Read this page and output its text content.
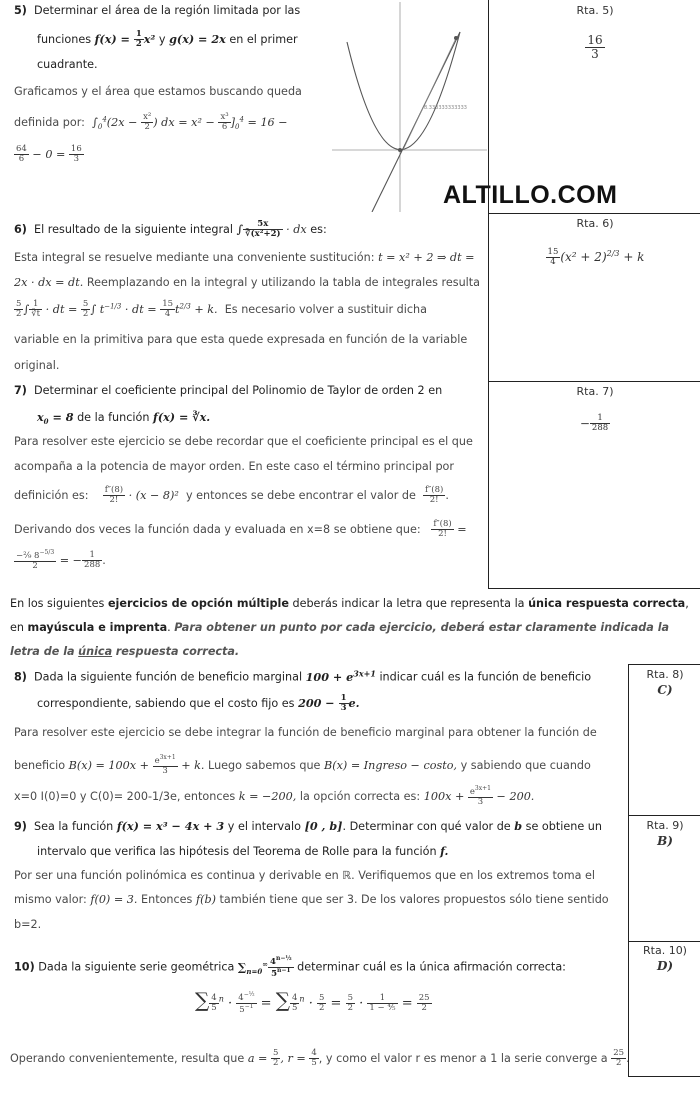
ALTILLO.COM
5) Determinar el área de la región limitada por las
funciones $f(x) = \frac{1}{2} x^2$ y g(x) = 2x en el primer
cuadrante.
Graficamos y el área que estamos buscando queda
definida por: $\int_0^4(2x - \frac{\text{x²}}{2}$ ) dx = $x^2 - \frac{\text{x³}}{6} ]_0^4 = 16$ −
$\frac{64}{6} - 0 = \frac{16}{3}$
8.333333333333
Rta. 5)
$\frac{16}{3}$
6) El resultado de la siguiente integral ∫ $\frac{5x}{\text{∛(x²+2)}}$ · dx es:
Esta integral se resuelve mediante una conveniente sustitución: t = x² + 2 ⇒ dt =
2x · dx = dt. Reemplazando en la integral y utilizando la tabla de integrales resulta
$\frac{5}{2}$ ∫ $\frac{1}{∛t}$ · dt = $\frac{5}{2}$ ∫ $t^{-1/3}$ · dt = $\frac{15}{4} t^{2/3} + k$. Es necesario volver a sustituir dicha
variable en la primitiva para que esta quede expresada en función de la variable
original.
Rta. 6)
$\frac{15}{4} (x^2 + 2)^{2/3} + k$
7) Determinar el coeficiente principal del Polinomio de Taylor de orden 2 en
$x_0 = 8$ de la función f(x) = ∛x.
Para resolver este ejercicio se debe recordar que el coeficiente principal es el que
acompaña a la potencia de mayor orden. En este caso el término principal por
definición es: $\frac{f''(8)}{2!} \cdot (x - 8)^2$ y entonces se debe encontrar el valor de $\frac{f''(8)}{2!}$ .
Derivando dos veces la función dada y evaluada en x=8 se obtiene que: $\frac{f''(8)}{2!}$ =
$\frac{-^2⁄_9 8^{-5/3}}{2}$ = − $\frac{1}{288}$ .
Rta. 7)
− $\frac{1}{288}$
En los siguientes ejercicios de opción múltiple deberás indicar la letra que representa la única respuesta correcta, en mayúscula e imprenta. Para obtener un punto por cada ejercicio, deberá estar claramente indicada la letra de la única respuesta correcta.
8) Dada la siguiente función de beneficio marginal $100 + e^{3x+1}$ indicar cuál es la función de beneficio
correspondiente, sabiendo que el costo fijo es $200 - \frac{1}{3} e$.
Para resolver este ejercicio se debe integrar la función de beneficio marginal para obtener la función de
beneficio $B(x) = 100x + \frac{e^{3x+1}}{3} + k$. Luego sabemos que B(x) = Ingreso − costo, y sabiendo que cuando
x=0 I(0)=0 y C(0)= 200-1/3e, entonces k = −200, la opción correcta es: $100x + \frac{e^{3x+1}}{3} - 200$.
Rta. 8)
C)
9) Sea la función f(x) = x³ − 4x + 3 y el intervalo [0 , b]. Determinar con qué valor de b se obtiene un
intervalo que verifica las hipótesis del Teorema de Rolle para la función f.
Por ser una función polinómica es continua y derivable en ℝ. Verifiquemos que en los extremos toma el
mismo valor: f(0) = 3. Entonces f(b) también tiene que ser 3. De los valores propuestos sólo tiene sentido
b=2.
Rta. 9)
B)
10) Dada la siguiente serie geométrica $\sum_{n=0}^\infty \frac{4^{n-\frac{1}{2}}}{5^{n-1}}$ determinar cuál es la única afirmación correcta:
∑ $\frac{4}{5} ^n \cdot \frac{4^{-\frac{1}{2}}}{5^{-1}}$ = ∑ $\frac{4}{5} ^n \cdot \frac{5}{2} = \frac{5}{2} \cdot \frac{1}{\text{1 − ⁴⁄₅}} = \frac{25}{2}$
Operando convenientemente, resulta que $a = \frac{5}{2}$ , $r = \frac{4}{5}$ , y como el valor r es menor a 1 la serie converge a $\frac{25}{2}$ .
Rta. 10)
D)
